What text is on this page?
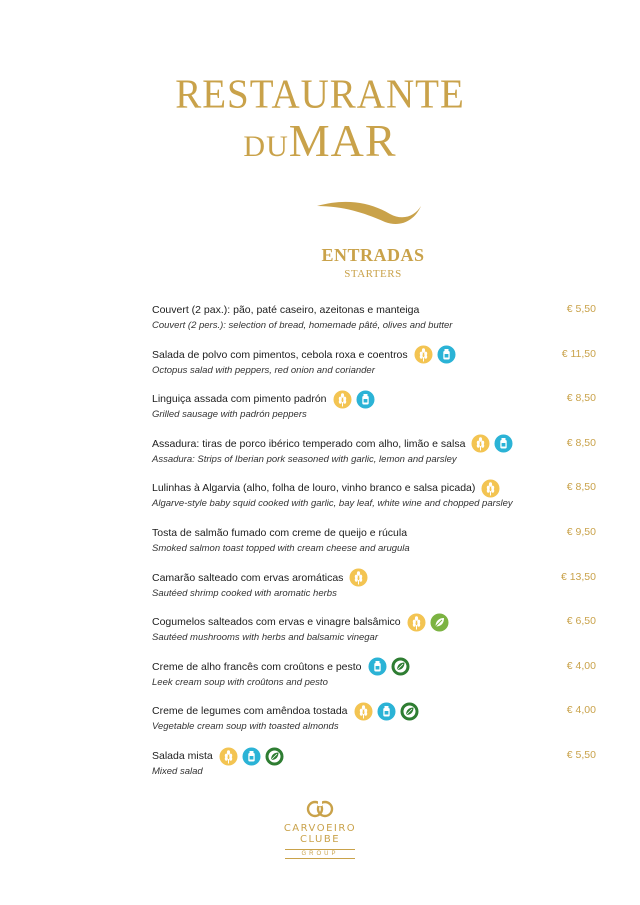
RESTAURANTE
DUMAR
ENTRADAS
STARTERS
Couvert (2 pax.): pão, paté caseiro, azeitonas e manteiga
Couvert (2 pers.): selection of bread, homemade pâté, olives and butter
€ 5,50
Salada de polvo com pimentos, cebola roxa e coentros
Octopus salad with peppers, red onion and coriander
€ 11,50
Linguiça assada com pimento padrón
Grilled sausage with padrón peppers
€ 8,50
Assadura: tiras de porco ibérico temperado com alho, limão e salsa
Assadura: Strips of Iberian pork seasoned with garlic, lemon and parsley
€ 8,50
Lulinhas à Algarvia (alho, folha de louro, vinho branco e salsa picada)
Algarve-style baby squid cooked with garlic, bay leaf, white wine and chopped parsley
€ 8,50
Tosta de salmão fumado com creme de queijo e rúcula
Smoked salmon toast topped with cream cheese and arugula
€ 9,50
Camarão salteado com ervas aromáticas
Sautéed shrimp cooked with aromatic herbs
€ 13,50
Cogumelos salteados com ervas e vinagre balsâmico
Sautéed mushrooms with herbs and balsamic vinegar
€ 6,50
Creme de alho francês com croûtons e pesto
Leek cream soup with croûtons and pesto
€ 4,00
Creme de legumes com amêndoa tostada
Vegetable cream soup with toasted almonds
€ 4,00
Salada mista
Mixed salad
€ 5,50
CARVOEIRO CLUBE
GROUP
